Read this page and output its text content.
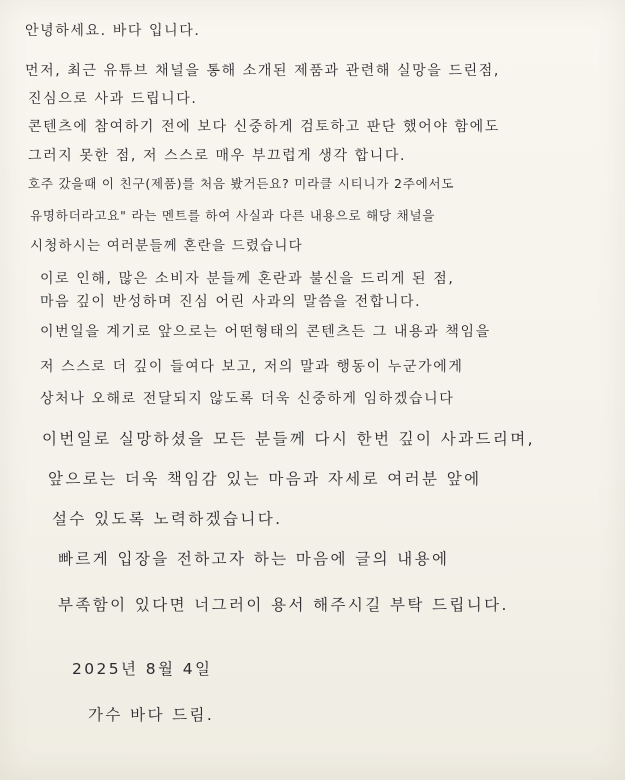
안녕하세요. 바다 입니다.
먼저, 최근 유튜브 채널을 통해 소개된 제품과 관련해 실망을 드린점,
진심으로 사과 드립니다.
콘텐츠에 참여하기 전에 보다 신중하게 검토하고 판단 했어야 함에도
그러지 못한 점, 저 스스로 매우 부끄럽게 생각 합니다.
호주 갔을때 이 친구(제품)를 처음 봤거든요? 미라클 시티니가 2주에서도
유명하더라고요" 라는 멘트를 하여 사실과 다른 내용으로 해당 채널을
시청하시는 여러분들께 혼란을 드렸습니다
이로 인해, 많은 소비자 분들께 혼란과 불신을 드리게 된 점,
마음 깊이 반성하며 진심 어린 사과의 말씀을 전합니다.
이번일을 계기로 앞으로는 어떤형태의 콘텐츠든 그 내용과 책임을
저 스스로 더 깊이 들여다 보고, 저의 말과 행동이 누군가에게
상처나 오해로 전달되지 않도록 더욱 신중하게 임하겠습니다
이번일로 실망하셨을 모든 분들께 다시 한번 깊이 사과드리며,
앞으로는 더욱 책임감 있는 마음과 자세로 여러분 앞에
설수 있도록 노력하겠습니다.
빠르게 입장을 전하고자 하는 마음에 글의 내용에
부족함이 있다면 너그러이 용서 해주시길 부탁 드립니다.
2025년 8월 4일
가수 바다 드림.
